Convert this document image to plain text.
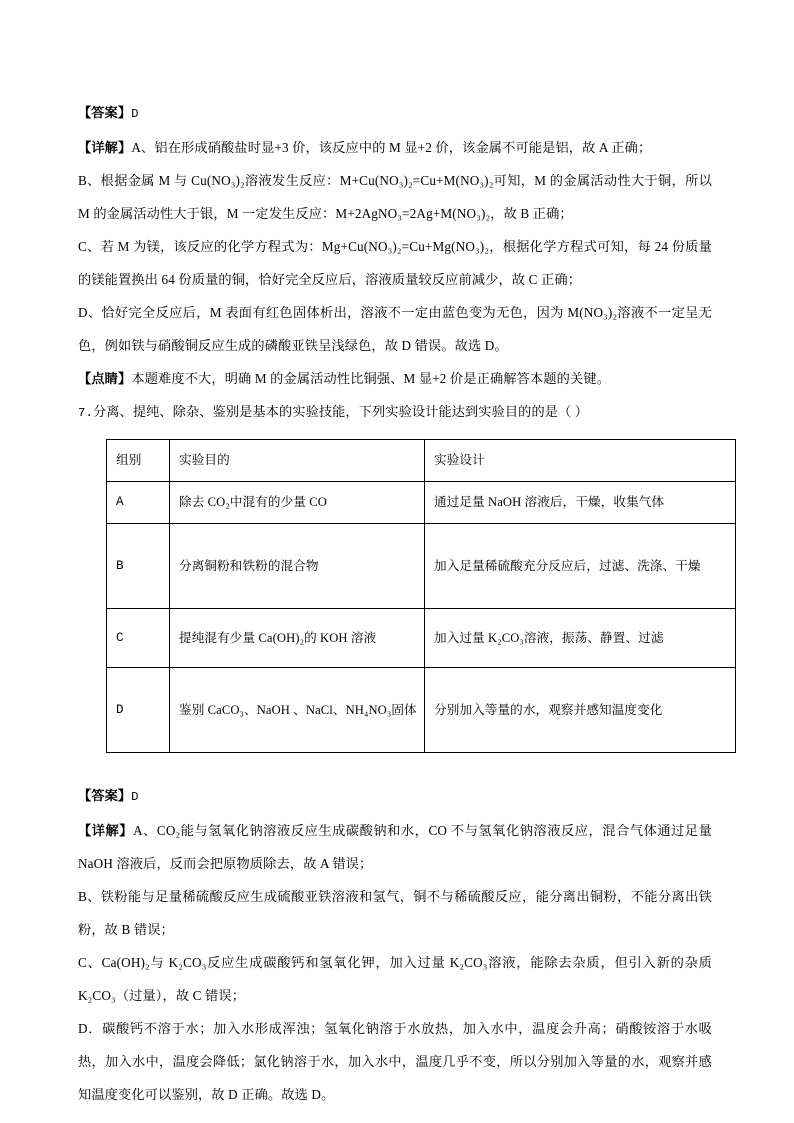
【答案】D

【详解】A、铝在形成硝酸盐时显+3 价，该反应中的 M 显+2 价，该金属不可能是铝，故 A 正确；

B、根据金属 M 与 Cu(NO₃)₂溶液发生反应：M+Cu(NO₃)₂=Cu+M(NO₃)₂可知，M 的金属活动性大于铜，所以 M 的金属活动性大于银，M 一定发生反应：M+2AgNO₃=2Ag+M(NO₃)₂，故 B 正确；

C、若 M 为镁，该反应的化学方程式为：Mg+Cu(NO₃)₂=Cu+Mg(NO₃)₂，根据化学方程式可知，每 24 份质量的镁能置换出 64 份质量的铜，恰好完全反应后，溶液质量较反应前减少，故 C 正确；

D、恰好完全反应后，M 表面有红色固体析出，溶液不一定由蓝色变为无色，因为 M(NO₃)₂溶液不一定呈无色，例如铁与硝酸铜反应生成的磷酸亚铁呈浅绿色，故 D 错误。故选 D。

【点睛】本题难度不大，明确 M 的金属活动性比铜强、M 显+2 价是正确解答本题的关键。

7.分离、提纯、除杂、鉴别是基本的实验技能，下列实验设计能达到实验目的的是（ ）

组别	实验目的	实验设计
A	除去 CO₂中混有的少量 CO	通过足量 NaOH 溶液后，干燥，收集气体
B	分离铜粉和铁粉的混合物	加入足量稀硫酸充分反应后，过滤、洗涤、干燥
C	提纯混有少量 Ca(OH)₂的 KOH 溶液	加入过量 K₂CO₃溶液，振荡、静置、过滤
D	鉴别 CaCO₃、NaOH 、NaCl、NH₄NO₃固体	分别加入等量的水，观察并感知温度变化

【答案】D

【详解】A、CO₂能与氢氧化钠溶液反应生成碳酸钠和水，CO 不与氢氧化钠溶液反应，混合气体通过足量 NaOH 溶液后，反而会把原物质除去，故 A 错误；

B、铁粉能与足量稀硫酸反应生成硫酸亚铁溶液和氢气，铜不与稀硫酸反应，能分离出铜粉，不能分离出铁粉，故 B 错误；

C、Ca(OH)₂与 K₂CO₃反应生成碳酸钙和氢氧化钾，加入过量 K₂CO₃溶液，能除去杂质，但引入新的杂质 K₂CO₃（过量），故 C 错误；

D．碳酸钙不溶于水；加入水形成浑浊；氢氧化钠溶于水放热，加入水中，温度会升高；硝酸铵溶于水吸热，加入水中，温度会降低；氯化钠溶于水，加入水中，温度几乎不变，所以分别加入等量的水，观察并感知温度变化可以鉴别，故 D 正确。故选 D。
